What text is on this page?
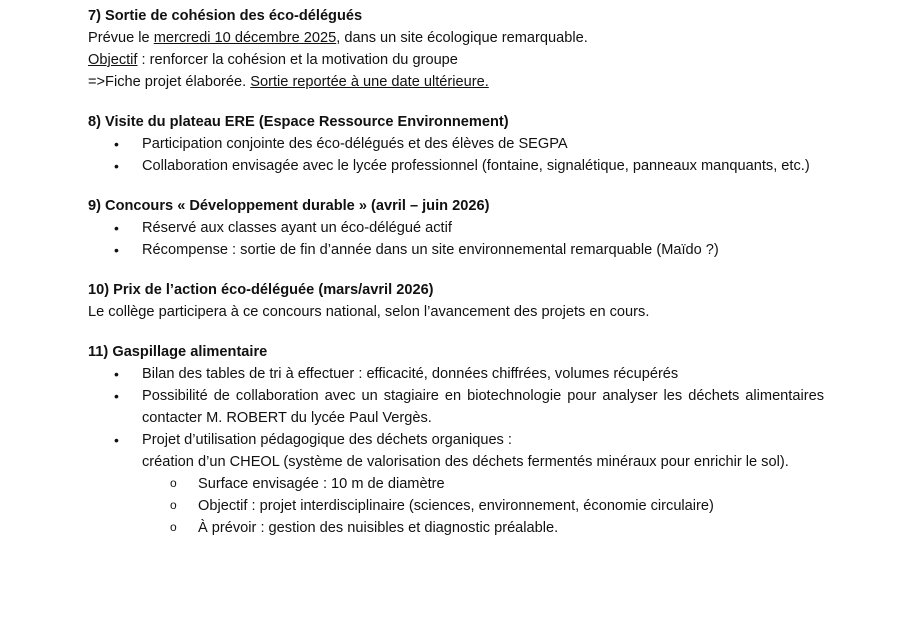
7) Sortie de cohésion des éco-délégués

Prévue le mercredi 10 décembre 2025, dans un site écologique remarquable.

Objectif : renforcer la cohésion et la motivation du groupe

=>Fiche projet élaborée. Sortie reportée à une date ultérieure.

8) Visite du plateau ERE (Espace Ressource Environnement)

• Participation conjointe des éco-délégués et des élèves de SEGPA
• Collaboration envisagée avec le lycée professionnel (fontaine, signalétique, panneaux manquants, etc.)

9) Concours « Développement durable » (avril – juin 2026)

• Réservé aux classes ayant un éco-délégué actif
• Récompense : sortie de fin d’année dans un site environnemental remarquable (Maïdo ?)

10) Prix de l’action éco-déléguée (mars/avril 2026)

Le collège participera à ce concours national, selon l’avancement des projets en cours.

11) Gaspillage alimentaire

• Bilan des tables de tri à effectuer : efficacité, données chiffrées, volumes récupérés
• Possibilité de collaboration avec un stagiaire en biotechnologie pour analyser les déchets alimentaires contacter M. ROBERT du lycée Paul Vergès.
• Projet d’utilisation pédagogique des déchets organiques :
création d’un CHEOL (système de valorisation des déchets fermentés minéraux pour enrichir le sol).
o Surface envisagée : 10 m de diamètre
o Objectif : projet interdisciplinaire (sciences, environnement, économie circulaire)
o À prévoir : gestion des nuisibles et diagnostic préalable.
